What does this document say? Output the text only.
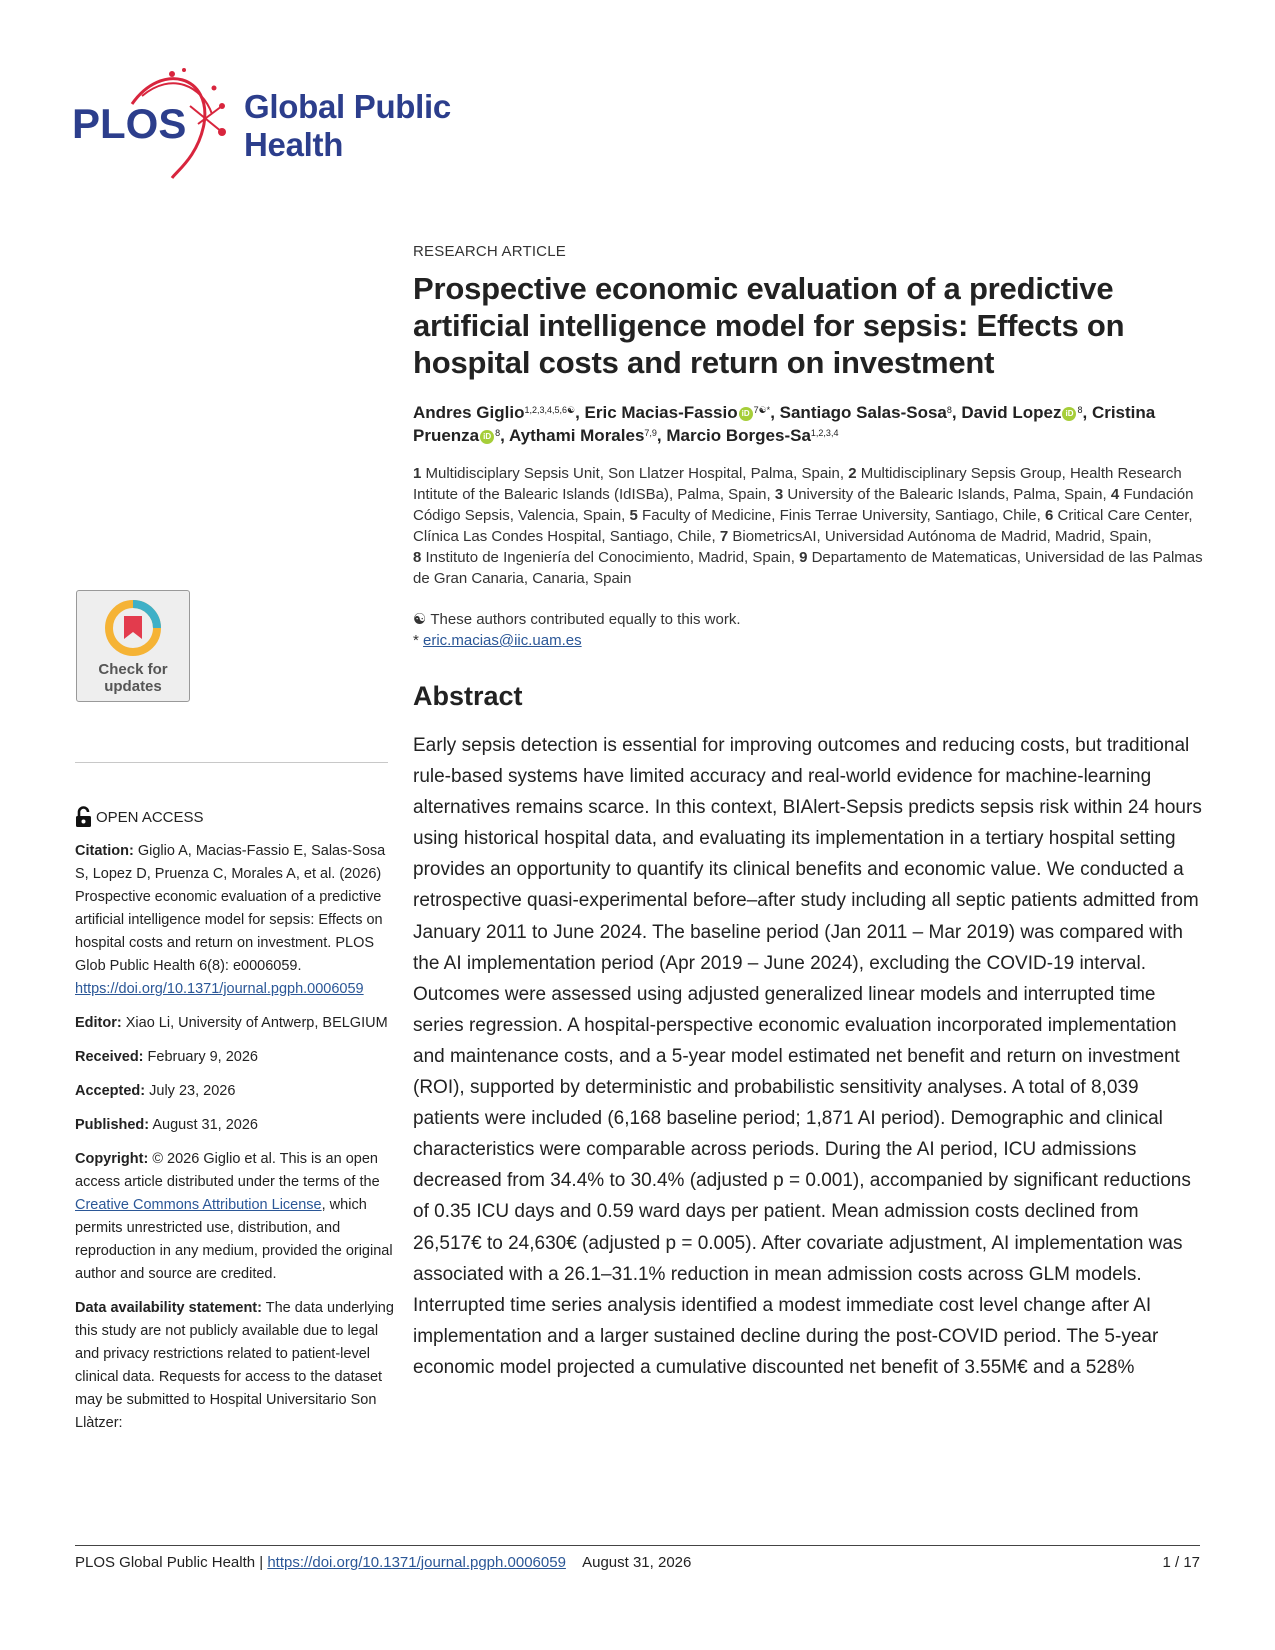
PLOS Global Public
Health
Check for
updates
OPEN ACCESS
Citation: Giglio A, Macias-Fassio E, Salas-Sosa S, Lopez D, Pruenza C, Morales A, et al. (2026) Prospective economic evaluation of a predictive artificial intelligence model for sepsis: Effects on hospital costs and return on investment. PLOS Glob Public Health 6(8): e0006059. https://doi.org/10.1371/journal.pgph.0006059
Editor: Xiao Li, University of Antwerp, BELGIUM
Received: February 9, 2026
Accepted: July 23, 2026
Published: August 31, 2026
Copyright: © 2026 Giglio et al. This is an open access article distributed under the terms of the Creative Commons Attribution License, which permits unrestricted use, distribution, and reproduction in any medium, provided the original author and source are credited.
Data availability statement: The data underlying this study are not publicly available due to legal and privacy restrictions related to patient-level clinical data. Requests for access to the dataset may be submitted to Hospital Universitario Son Llàtzer:
RESEARCH ARTICLE
Prospective economic evaluation of a predictive artificial intelligence model for sepsis: Effects on hospital costs and return on investment
Andres Giglio$^{1,2,3,4,5,6☯}$, Eric Macias-Fassio iD $^{7☯*}$, Santiago Salas-Sosa$^8$, David Lopez iD $^8$, Cristina Pruenza iD $^8$, Aythami Morales$^{7,9}$, Marcio Borges-Sa$^{1,2,3,4}$
1 Multidisciplary Sepsis Unit, Son Llatzer Hospital, Palma, Spain, 2 Multidisciplinary Sepsis Group, Health Research Intitute of the Balearic Islands (IdISBa), Palma, Spain, 3 University of the Balearic Islands, Palma, Spain, 4 Fundación Código Sepsis, Valencia, Spain, 5 Faculty of Medicine, Finis Terrae University, Santiago, Chile, 6 Critical Care Center, Clínica Las Condes Hospital, Santiago, Chile, 7 BiometricsAI, Universidad Autónoma de Madrid, Madrid, Spain, 8 Instituto de Ingeniería del Conocimiento, Madrid, Spain, 9 Departamento de Matematicas, Universidad de las Palmas de Gran Canaria, Canaria, Spain
☯ These authors contributed equally to this work.
* eric.macias@iic.uam.es
Abstract
Early sepsis detection is essential for improving outcomes and reducing costs, but traditional rule-based systems have limited accuracy and real-world evidence for machine-learning alternatives remains scarce. In this context, BIAlert-Sepsis predicts sepsis risk within 24 hours using historical hospital data, and evaluating its implementation in a tertiary hospital setting provides an opportunity to quantify its clinical benefits and economic value. We conducted a retrospective quasi-experimental before–after study including all septic patients admitted from January 2011 to June 2024. The baseline period (Jan 2011 – Mar 2019) was compared with the AI implementation period (Apr 2019 – June 2024), excluding the COVID-19 interval. Outcomes were assessed using adjusted generalized linear models and interrupted time series regression. A hospital-perspective economic evaluation incorporated implementation and maintenance costs, and a 5-year model estimated net benefit and return on investment (ROI), supported by deterministic and probabilistic sensitivity analyses. A total of 8,039 patients were included (6,168 baseline period; 1,871 AI period). Demographic and clinical characteristics were comparable across periods. During the AI period, ICU admissions decreased from 34.4% to 30.4% (adjusted p = 0.001), accompanied by significant reductions of 0.35 ICU days and 0.59 ward days per patient. Mean admission costs declined from 26,517€ to 24,630€ (adjusted p = 0.005). After covariate adjustment, AI implementation was associated with a 26.1–31.1% reduction in mean admission costs across GLM models. Interrupted time series analysis identified a modest immediate cost level change after AI implementation and a larger sustained decline during the post-COVID period. The 5-year economic model projected a cumulative discounted net benefit of 3.55M€ and a 528%
PLOS Global Public Health | https://doi.org/10.1371/journal.pgph.0006059 August 31, 2026	1 / 17
